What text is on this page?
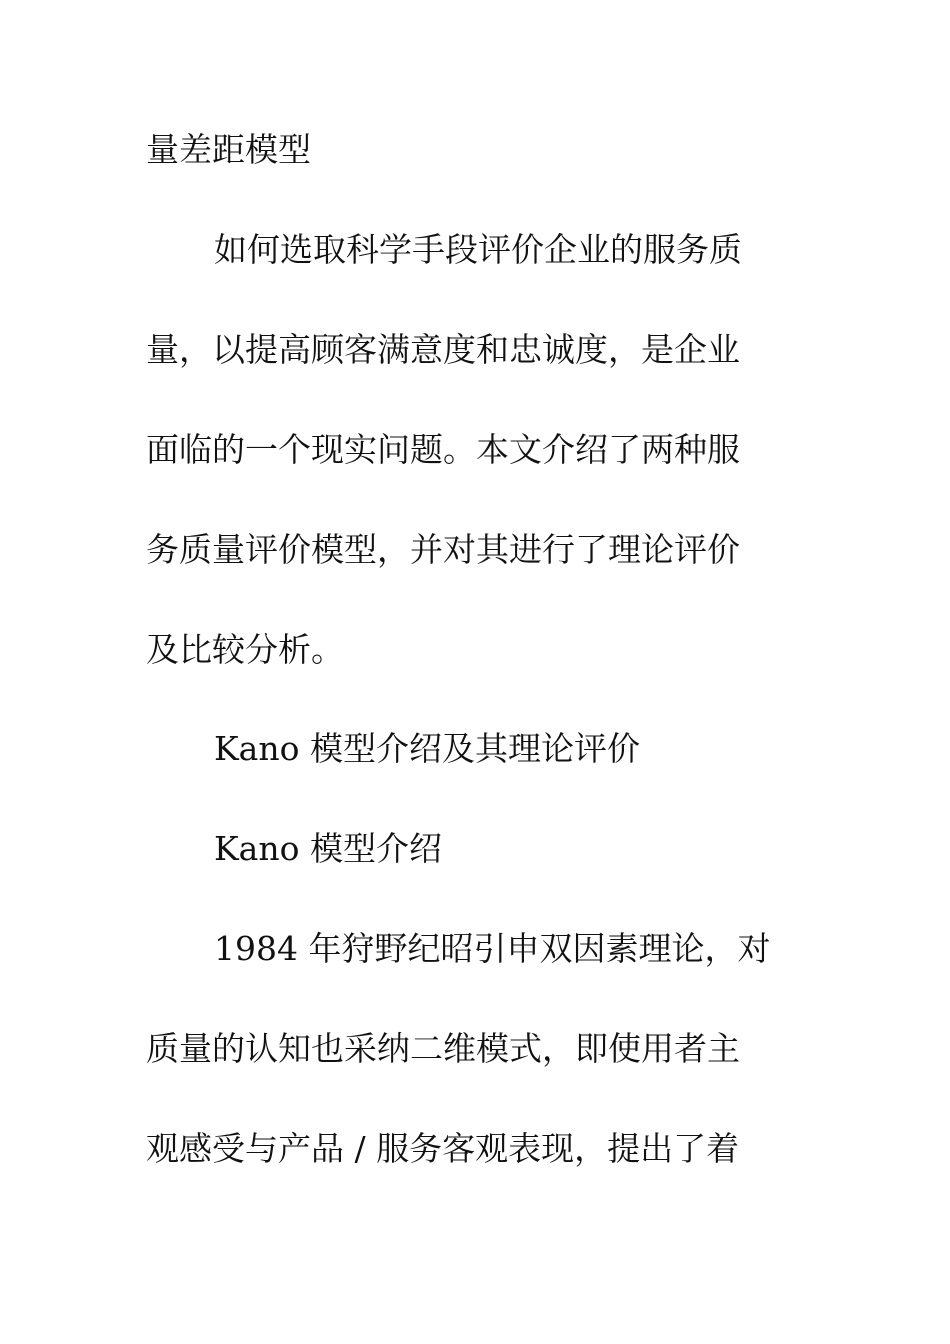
量差距模型

如何选取科学手段评价企业的服务质

量，以提高顾客满意度和忠诚度，是企业

面临的一个现实问题。本文介绍了两种服

务质量评价模型，并对其进行了理论评价

及比较分析。

Kano 模型介绍及其理论评价

Kano 模型介绍

1984 年狩野纪昭引申双因素理论，对

质量的认知也采纳二维模式，即使用者主

观感受与产品 / 服务客观表现，提出了着
